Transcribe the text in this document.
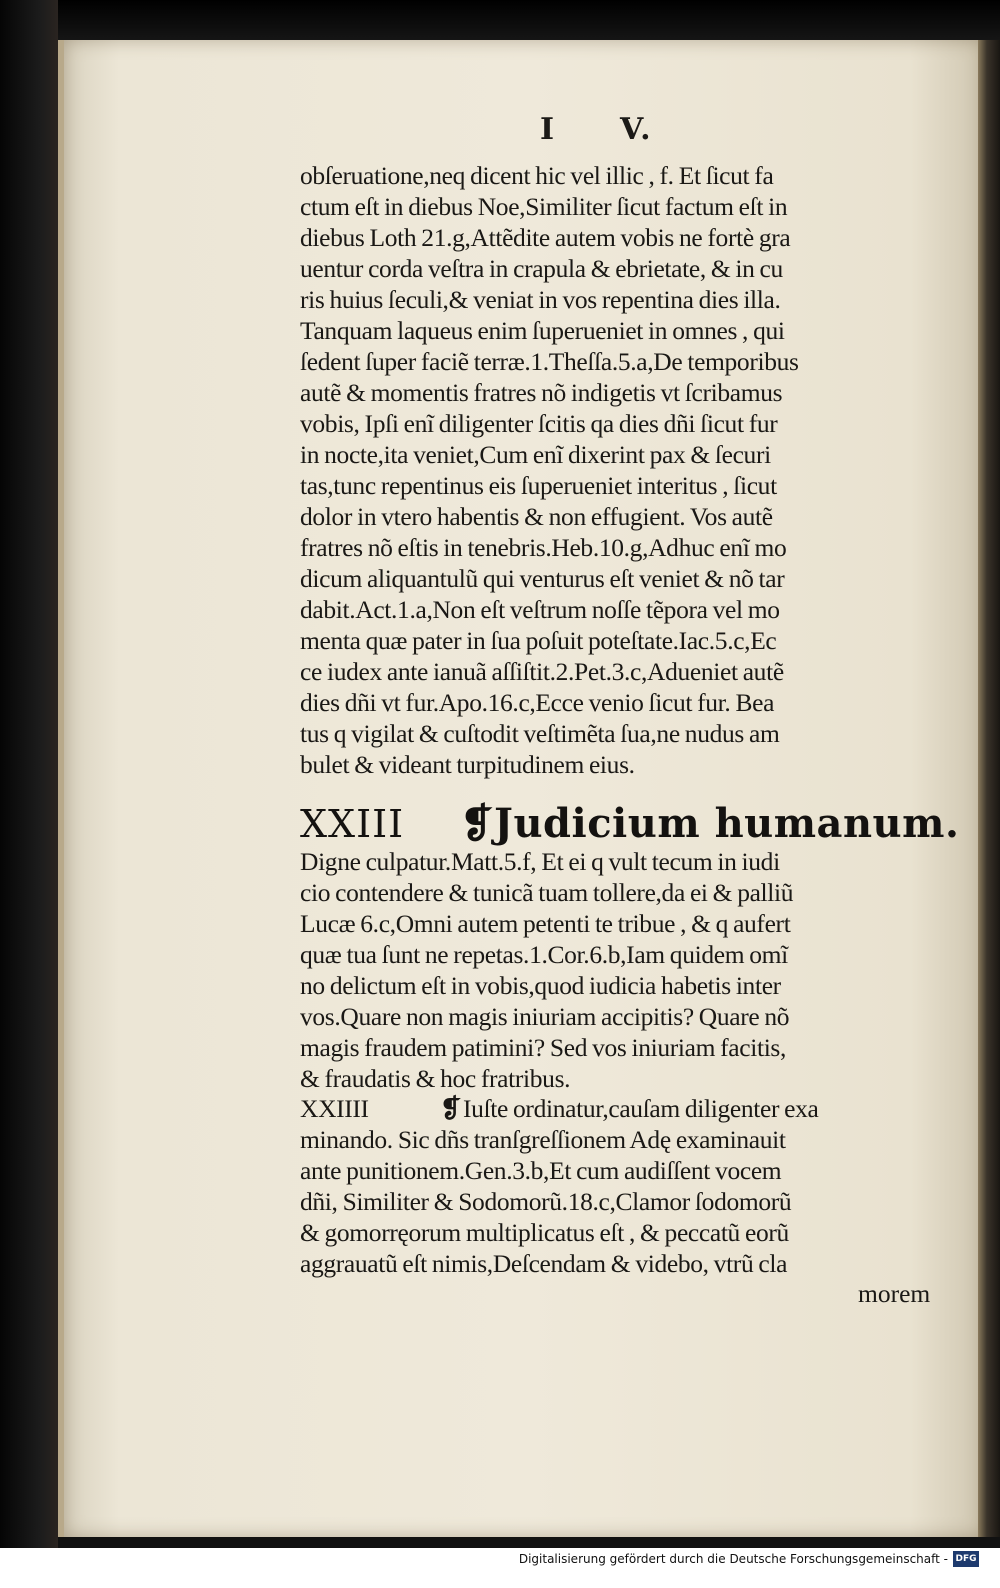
I V.
obſeruatione,neq dicent hic vel illic , f. Et ſicut fa
ctum eſt in diebus Noe,Similiter ſicut factum eſt in
diebus Loth 21.g,Attẽdite autem vobis ne fortè gra
uentur corda veſtra in crapula & ebrietate, & in cu
ris huius ſeculi,& veniat in vos repentina dies illa.
Tanquam laqueus enim ſuperueniet in omnes , qui
ſedent ſuper faciẽ terræ.1.Theſſa.5.a,De temporibus
autẽ & momentis fratres nõ indigetis vt ſcribamus
vobis, Ipſi enĩ diligenter ſcitis qa dies dñi ſicut fur
in nocte,ita veniet,Cum enĩ dixerint pax & ſecuri
tas,tunc repentinus eis ſuperueniet interitus , ſicut
dolor in vtero habentis & non effugient. Vos autẽ
fratres nõ eſtis in tenebris.Heb.10.g,Adhuc enĩ mo
dicum aliquantulũ qui venturus eſt veniet & nõ tar
dabit.Act.1.a,Non eſt veſtrum noſſe tẽpora vel mo
menta quæ pater in ſua poſuit poteſtate.Iac.5.c,Ec
ce iudex ante ianuã aſſiſtit.2.Pet.3.c,Adueniet autẽ
dies dñi vt fur.Apo.16.c,Ecce venio ſicut fur. Bea
tus q vigilat & cuſtodit veſtimẽta ſua,ne nudus am
bulet & videant turpitudinem eius.
XXIII ❡Judicium humanum.
Digne culpatur.Matt.5.f, Et ei q vult tecum in iudi
cio contendere & tunicã tuam tollere,da ei & palliũ
Lucæ 6.c,Omni autem petenti te tribue , & q aufert
quæ tua ſunt ne repetas.1.Cor.6.b,Iam quidem omĩ
no delictum eſt in vobis,quod iudicia habetis inter
vos.Quare non magis iniuriam accipitis? Quare nõ
magis fraudem patimini? Sed vos iniuriam facitis,
& fraudatis & hoc fratribus.
XXIIII	❡Iuſte ordinatur,cauſam diligenter exa
minando. Sic dñs tranſgreſſionem Adę examinauit
ante punitionem.Gen.3.b,Et cum audiſſent vocem
dñi, Similiter & Sodomorũ.18.c,Clamor ſodomorũ
& gomorręorum multiplicatus eſt , & peccatũ eorũ
aggrauatũ eſt nimis,Deſcendam & videbo, vtrũ cla
morem
Digitalisierung gefördert durch die Deutsche Forschungsgemeinschaft - DFG
